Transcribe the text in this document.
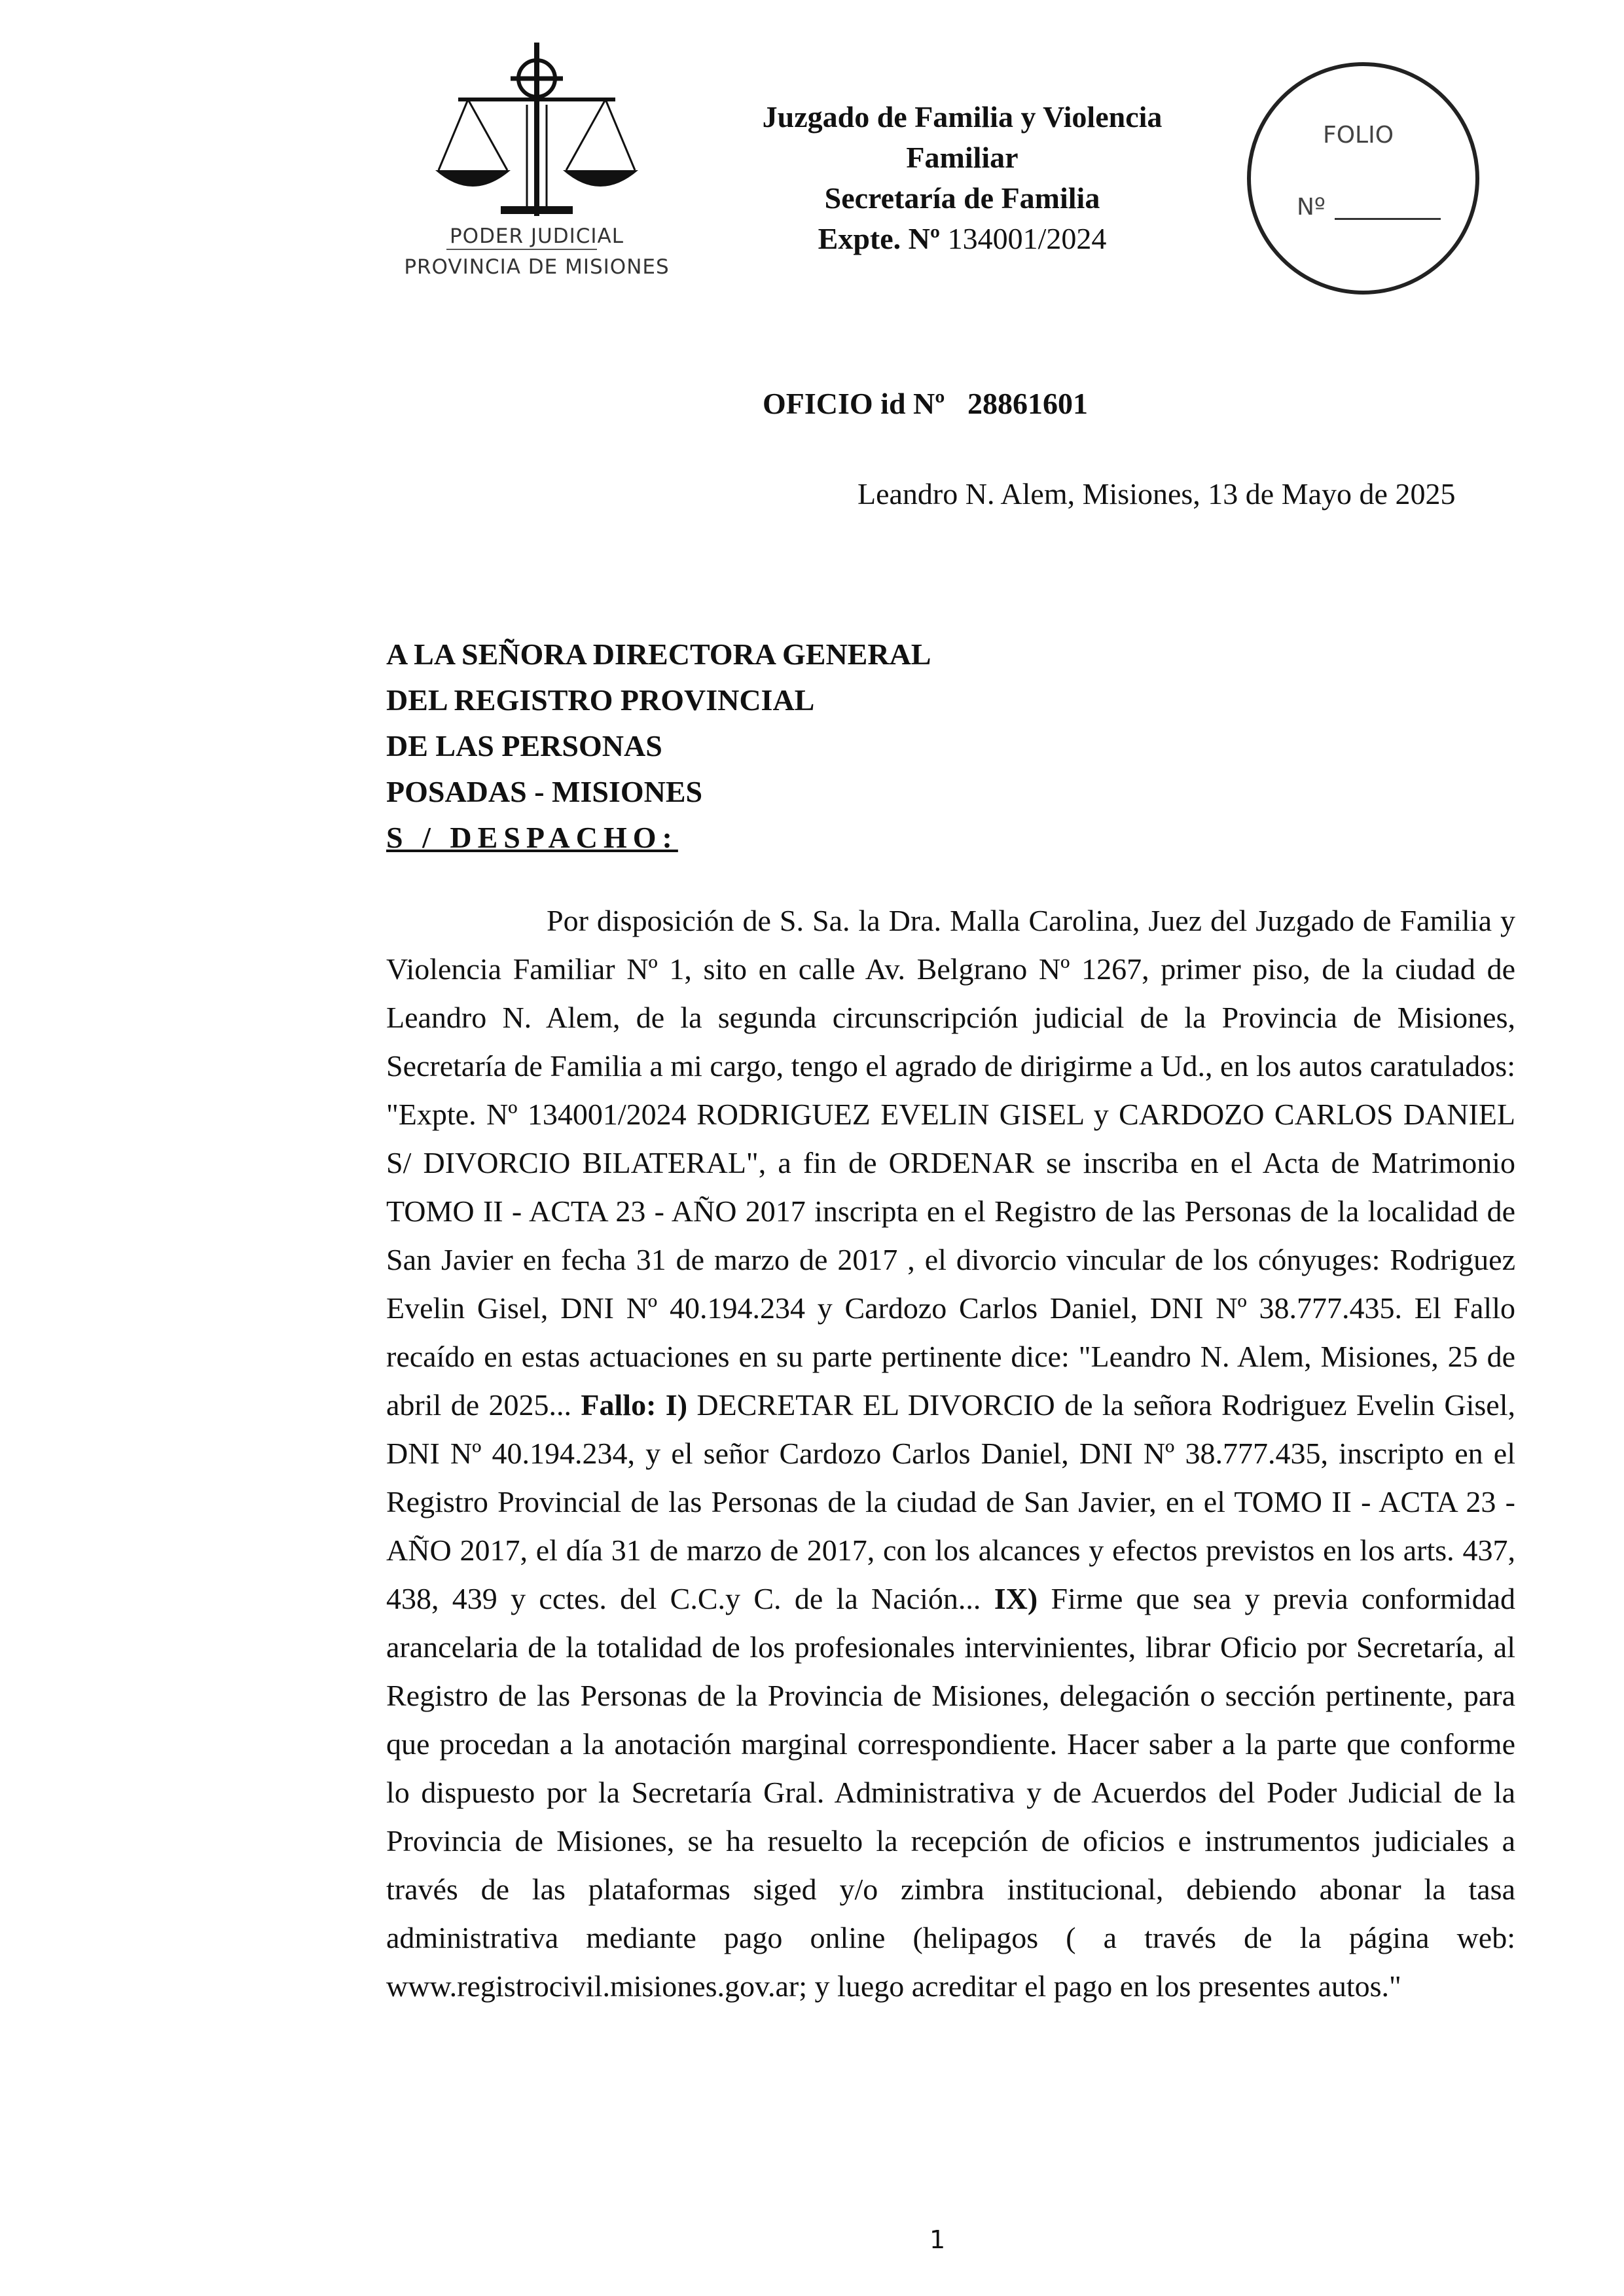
PODER JUDICIAL
PROVINCIA DE MISIONES
Juzgado de Familia y Violencia
Familiar
Secretaría de Familia
Expte. Nº 134001/2024
FOLIO
Nº
OFICIO id Nº 28861601
Leandro N. Alem, Misiones, 13 de Mayo de 2025
A LA SEÑORA DIRECTORA GENERAL
DEL REGISTRO PROVINCIAL
DE LAS PERSONAS
POSADAS - MISIONES
S / DESPACHO:
Por disposición de S. Sa. la Dra. Malla Carolina, Juez del Juzgado de Familia y Violencia Familiar Nº 1, sito en calle Av. Belgrano Nº 1267, primer piso, de la ciudad de Leandro N. Alem, de la segunda circunscripción judicial de la Provincia de Misiones, Secretaría de Familia a mi cargo, tengo el agrado de dirigirme a Ud., en los autos caratulados: "Expte. Nº 134001/2024 RODRIGUEZ EVELIN GISEL y CARDOZO CARLOS DANIEL S/ DIVORCIO BILATERAL", a fin de ORDENAR se inscriba en el Acta de Matrimonio TOMO II - ACTA 23 - AÑO 2017 inscripta en el Registro de las Personas de la localidad de San Javier en fecha 31 de marzo de 2017 , el divorcio vincular de los cónyuges: Rodriguez Evelin Gisel, DNI Nº 40.194.234 y Cardozo Carlos Daniel, DNI Nº 38.777.435. El Fallo recaído en estas actuaciones en su parte pertinente dice: "Leandro N. Alem, Misiones, 25 de abril de 2025... Fallo: I) DECRETAR EL DIVORCIO de la señora Rodriguez Evelin Gisel, DNI Nº 40.194.234, y el señor Cardozo Carlos Daniel, DNI Nº 38.777.435, inscripto en el Registro Provincial de las Personas de la ciudad de San Javier, en el TOMO II - ACTA 23 - AÑO 2017, el día 31 de marzo de 2017, con los alcances y efectos previstos en los arts. 437, 438, 439 y cctes. del C.C.y C. de la Nación... IX) Firme que sea y previa conformidad arancelaria de la totalidad de los profesionales intervinientes, librar Oficio por Secretaría, al Registro de las Personas de la Provincia de Misiones, delegación o sección pertinente, para que procedan a la anotación marginal correspondiente. Hacer saber a la parte que conforme lo dispuesto por la Secretaría Gral. Administrativa y de Acuerdos del Poder Judicial de la Provincia de Misiones, se ha resuelto la recepción de oficios e instrumentos judiciales a través de las plataformas siged y/o zimbra institucional, debiendo abonar la tasa administrativa mediante pago online (helipagos ( a través de la página web: www.registrocivil.misiones.gov.ar; y luego acreditar el pago en los presentes autos."
1
